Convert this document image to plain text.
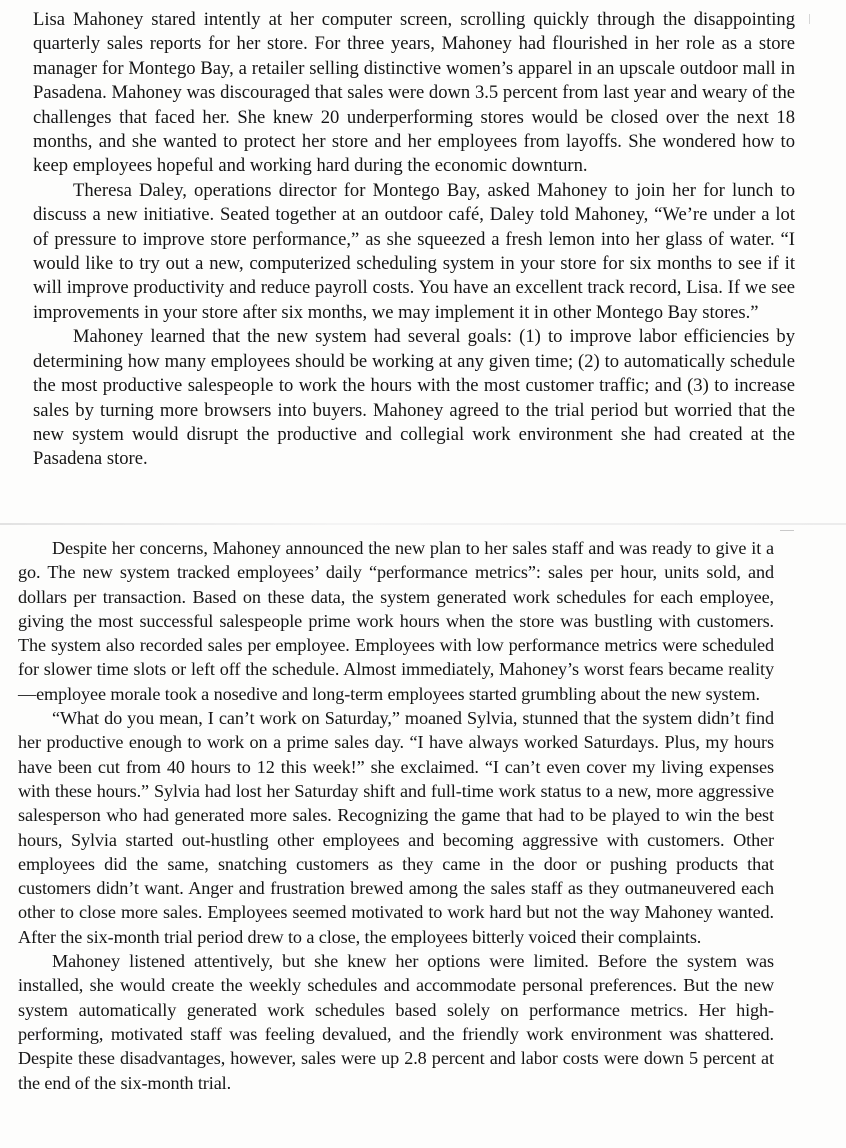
Lisa Mahoney stared intently at her computer screen, scrolling quickly through the disappointing quarterly sales reports for her store. For three years, Mahoney had flourished in her role as a store manager for Montego Bay, a retailer selling distinctive women’s apparel in an upscale outdoor mall in Pasadena. Mahoney was discouraged that sales were down 3.5 percent from last year and weary of the challenges that faced her. She knew 20 underperforming stores would be closed over the next 18 months, and she wanted to protect her store and her employees from layoffs. She wondered how to keep employees hopeful and working hard during the economic downturn.

Theresa Daley, operations director for Montego Bay, asked Mahoney to join her for lunch to discuss a new initiative. Seated together at an outdoor café, Daley told Mahoney, “We’re under a lot of pressure to improve store performance,” as she squeezed a fresh lemon into her glass of water. “I would like to try out a new, computerized scheduling system in your store for six months to see if it will improve productivity and reduce payroll costs. You have an excellent track record, Lisa. If we see improvements in your store after six months, we may implement it in other Montego Bay stores.”

Mahoney learned that the new system had several goals: (1) to improve labor efficiencies by determining how many employees should be working at any given time; (2) to automatically schedule the most productive salespeople to work the hours with the most customer traffic; and (3) to increase sales by turning more browsers into buyers. Mahoney agreed to the trial period but worried that the new system would disrupt the productive and collegial work environment she had created at the Pasadena store.

Despite her concerns, Mahoney announced the new plan to her sales staff and was ready to give it a go. The new system tracked employees’ daily “performance metrics”: sales per hour, units sold, and dollars per transaction. Based on these data, the system generated work schedules for each employee, giving the most successful salespeople prime work hours when the store was bustling with customers. The system also recorded sales per employee. Employees with low performance metrics were scheduled for slower time slots or left off the schedule. Almost immediately, Mahoney’s worst fears became reality—employee morale took a nosedive and long-term employees started grumbling about the new system.

“What do you mean, I can’t work on Saturday,” moaned Sylvia, stunned that the system didn’t find her productive enough to work on a prime sales day. “I have always worked Saturdays. Plus, my hours have been cut from 40 hours to 12 this week!” she exclaimed. “I can’t even cover my living expenses with these hours.” Sylvia had lost her Saturday shift and full-time work status to a new, more aggressive salesperson who had generated more sales. Recognizing the game that had to be played to win the best hours, Sylvia started out-hustling other employees and becoming aggressive with customers. Other employees did the same, snatching customers as they came in the door or pushing products that customers didn’t want. Anger and frustration brewed among the sales staff as they outmaneuvered each other to close more sales. Employees seemed motivated to work hard but not the way Mahoney wanted. After the six-month trial period drew to a close, the employees bitterly voiced their complaints.

Mahoney listened attentively, but she knew her options were limited. Before the system was installed, she would create the weekly schedules and accommodate personal preferences. But the new system automatically generated work schedules based solely on performance metrics. Her high-performing, motivated staff was feeling devalued, and the friendly work environment was shattered. Despite these disadvantages, however, sales were up 2.8 percent and labor costs were down 5 percent at the end of the six-month trial.
